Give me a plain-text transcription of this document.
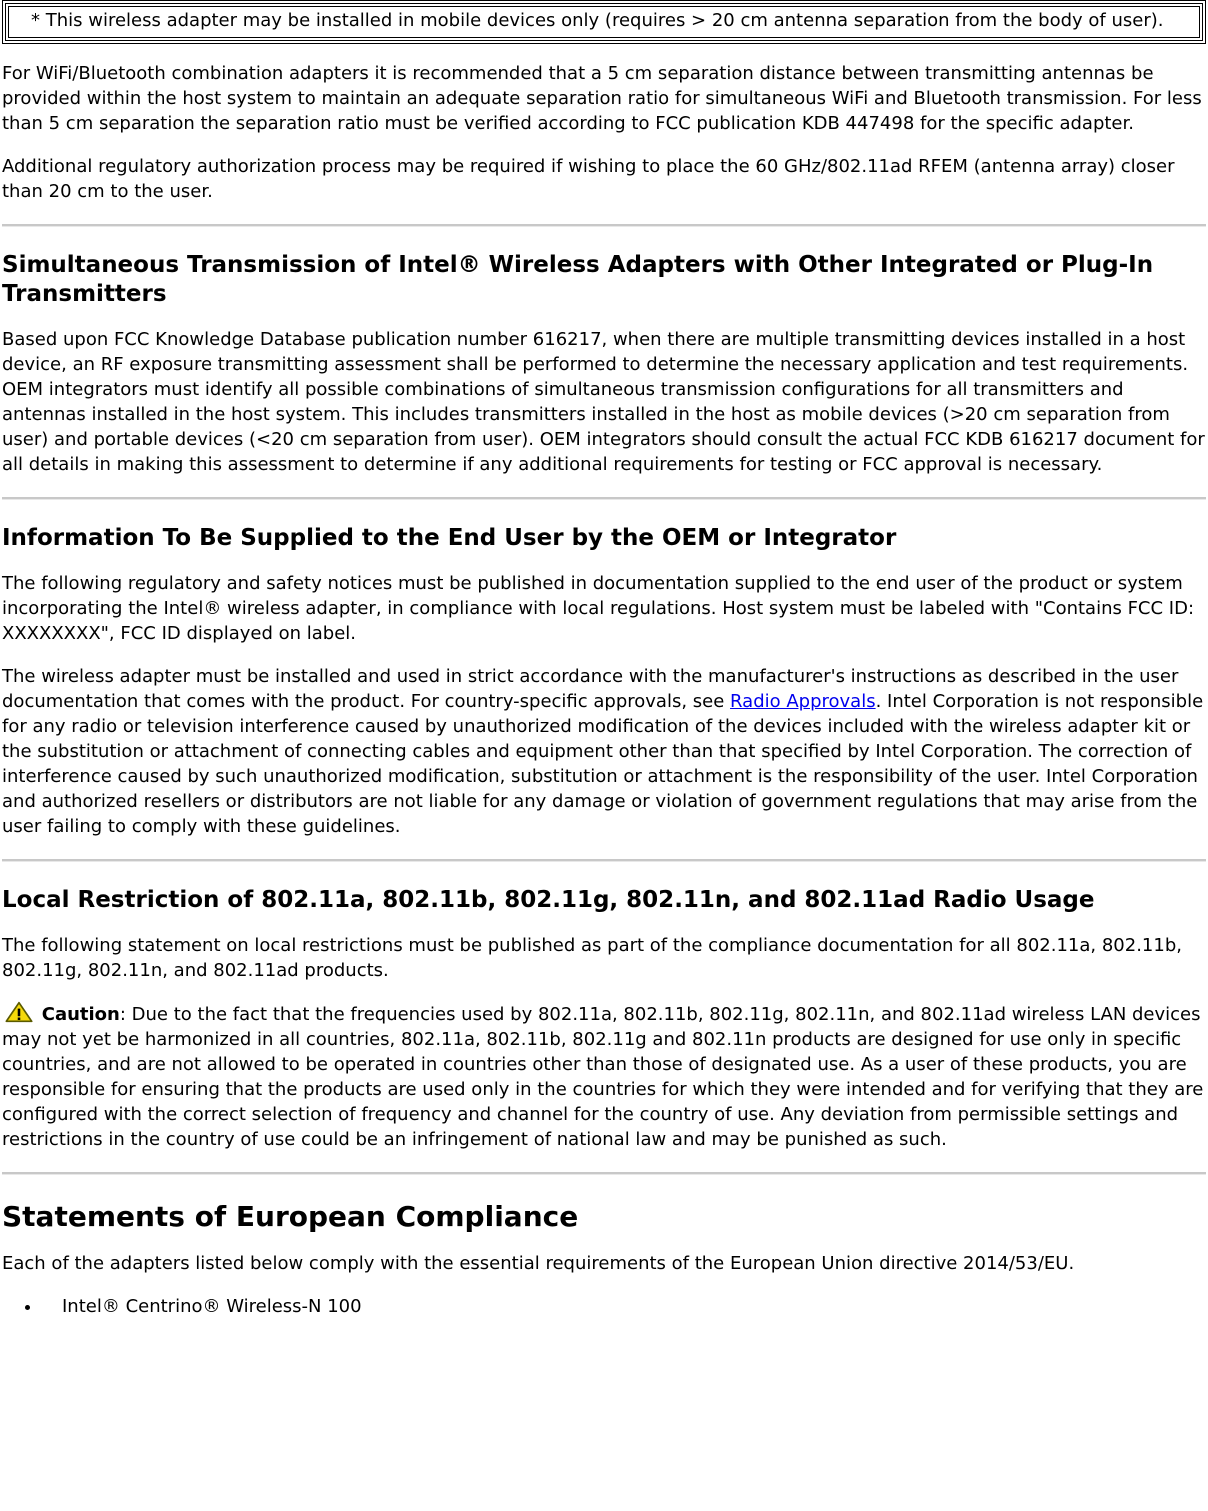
* This wireless adapter may be installed in mobile devices only (requires > 20 cm antenna separation from the body of user).

For WiFi/Bluetooth combination adapters it is recommended that a 5 cm separation distance between transmitting antennas be provided within the host system to maintain an adequate separation ratio for simultaneous WiFi and Bluetooth transmission. For less than 5 cm separation the separation ratio must be verified according to FCC publication KDB 447498 for the specific adapter.

Additional regulatory authorization process may be required if wishing to place the 60 GHz/802.11ad RFEM (antenna array) closer than 20 cm to the user.

Simultaneous Transmission of Intel® Wireless Adapters with Other Integrated or Plug-In Transmitters

Based upon FCC Knowledge Database publication number 616217, when there are multiple transmitting devices installed in a host device, an RF exposure transmitting assessment shall be performed to determine the necessary application and test requirements. OEM integrators must identify all possible combinations of simultaneous transmission configurations for all transmitters and antennas installed in the host system. This includes transmitters installed in the host as mobile devices (>20 cm separation from user) and portable devices (<20 cm separation from user). OEM integrators should consult the actual FCC KDB 616217 document for all details in making this assessment to determine if any additional requirements for testing or FCC approval is necessary.

Information To Be Supplied to the End User by the OEM or Integrator

The following regulatory and safety notices must be published in documentation supplied to the end user of the product or system incorporating the Intel® wireless adapter, in compliance with local regulations. Host system must be labeled with "Contains FCC ID: XXXXXXXX", FCC ID displayed on label.

The wireless adapter must be installed and used in strict accordance with the manufacturer's instructions as described in the user documentation that comes with the product. For country-specific approvals, see Radio Approvals. Intel Corporation is not responsible for any radio or television interference caused by unauthorized modification of the devices included with the wireless adapter kit or the substitution or attachment of connecting cables and equipment other than that specified by Intel Corporation. The correction of interference caused by such unauthorized modification, substitution or attachment is the responsibility of the user. Intel Corporation and authorized resellers or distributors are not liable for any damage or violation of government regulations that may arise from the user failing to comply with these guidelines.

Local Restriction of 802.11a, 802.11b, 802.11g, 802.11n, and 802.11ad Radio Usage

The following statement on local restrictions must be published as part of the compliance documentation for all 802.11a, 802.11b, 802.11g, 802.11n, and 802.11ad products.

Caution: Due to the fact that the frequencies used by 802.11a, 802.11b, 802.11g, 802.11n, and 802.11ad wireless LAN devices may not yet be harmonized in all countries, 802.11a, 802.11b, 802.11g and 802.11n products are designed for use only in specific countries, and are not allowed to be operated in countries other than those of designated use. As a user of these products, you are responsible for ensuring that the products are used only in the countries for which they were intended and for verifying that they are configured with the correct selection of frequency and channel for the country of use. Any deviation from permissible settings and restrictions in the country of use could be an infringement of national law and may be punished as such.

Statements of European Compliance

Each of the adapters listed below comply with the essential requirements of the European Union directive 2014/53/EU.

• Intel® Centrino® Wireless-N 100
